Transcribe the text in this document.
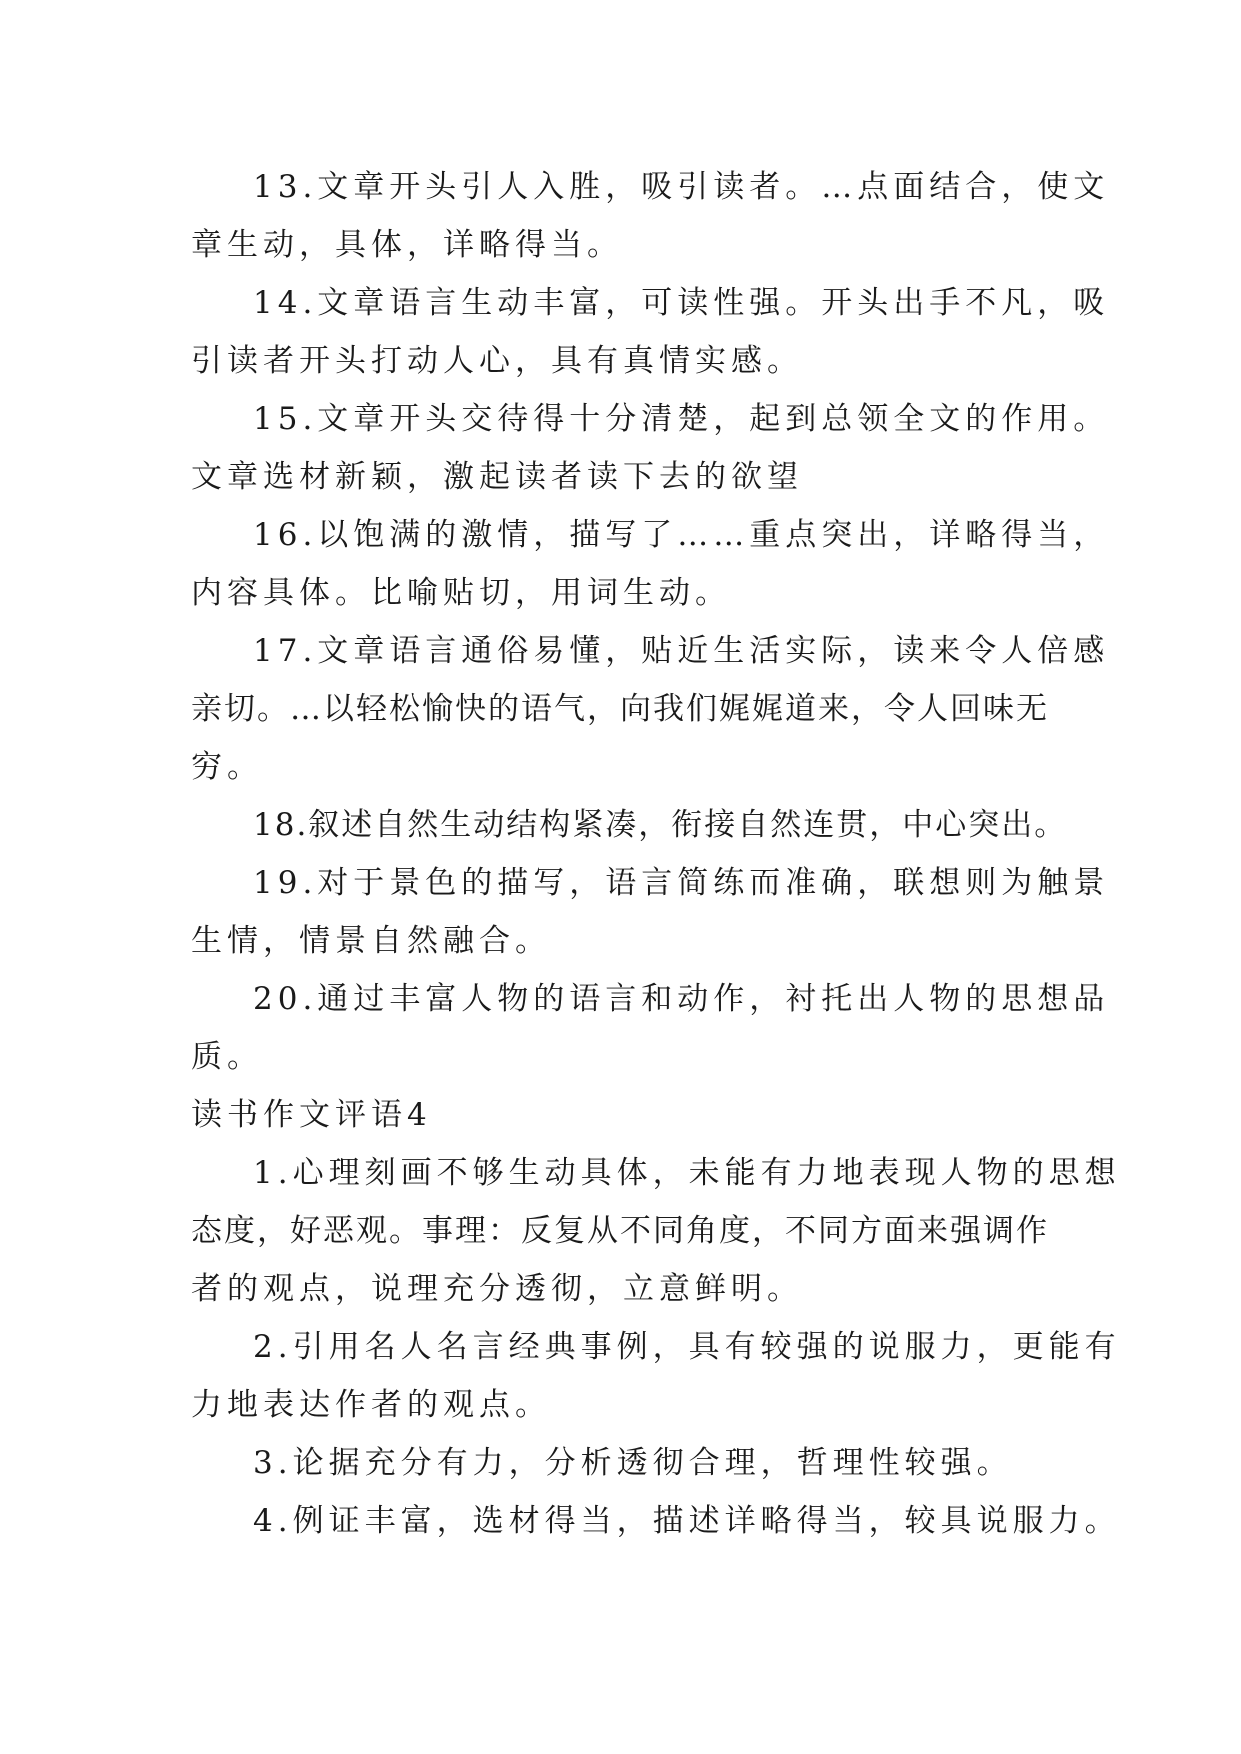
13.文章开头引人入胜，吸引读者。…点面结合，使文
章生动，具体，详略得当。
14.文章语言生动丰富，可读性强。开头出手不凡，吸
引读者开头打动人心，具有真情实感。
15.文章开头交待得十分清楚，起到总领全文的作用。
文章选材新颖，激起读者读下去的欲望
16.以饱满的激情，描写了……重点突出，详略得当，
内容具体。比喻贴切，用词生动。
17.文章语言通俗易懂，贴近生活实际，读来令人倍感
亲切。…以轻松愉快的语气，向我们娓娓道来，令人回味无
穷。
18.叙述自然生动结构紧凑，衔接自然连贯，中心突出。
19.对于景色的描写，语言简练而准确，联想则为触景
生情，情景自然融合。
20.通过丰富人物的语言和动作，衬托出人物的思想品
质。
读书作文评语4
1.心理刻画不够生动具体，未能有力地表现人物的思想
态度，好恶观。事理：反复从不同角度，不同方面来强调作
者的观点，说理充分透彻，立意鲜明。
2.引用名人名言经典事例，具有较强的说服力，更能有
力地表达作者的观点。
3.论据充分有力，分析透彻合理，哲理性较强。
4.例证丰富，选材得当，描述详略得当，较具说服力。
